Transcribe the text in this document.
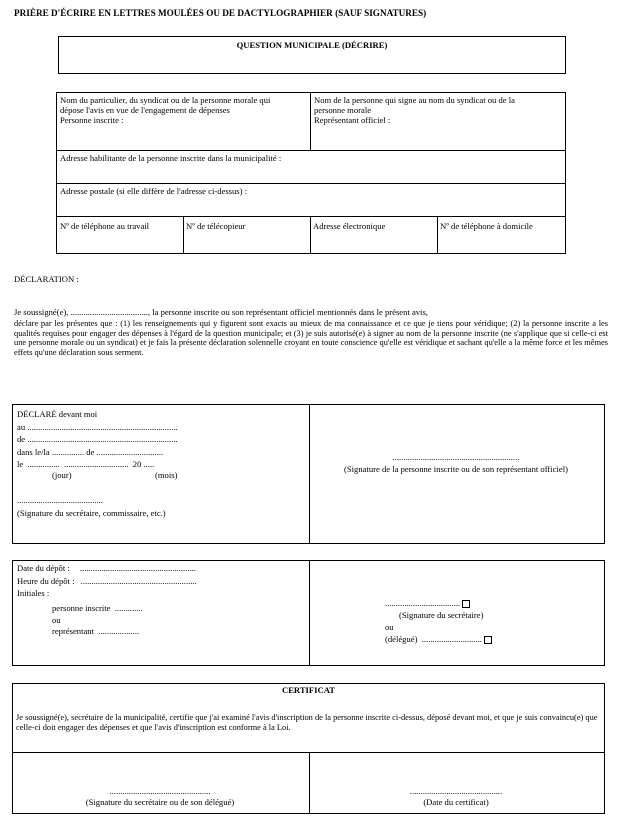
PRIÈRE D'ÉCRIRE EN LETTRES MOULÉES OU DE DACTYLOGRAPHIER (SAUF SIGNATURES)
QUESTION MUNICIPALE (DÉCRIRE)
Nom du particulier, du syndicat ou de la personne morale qui
dépose l'avis en vue de l'engagement de dépenses
Personne inscrite :
Nom de la personne qui signe au nom du syndicat ou de la
personne morale
Représentant officiel :
Adresse habilitante de la personne inscrite dans la municipalité :
Adresse postale (si elle diffère de l'adresse ci-dessus) :
Nº de téléphone au travail	Nº de télécopieur	Adresse électronique	Nº de téléphone à domicile
DÉCLARATION :
Je soussigné(e), ...................................., la personne inscrite ou son représentant officiel mentionnés dans le présent avis,
déclare par les présentes que : (1) les renseignements qui y figurent sont exacts au mieux de ma connaissance et ce que je tiens pour véridique; (2) la personne inscrite a les qualités requises pour engager des dépenses à l'égard de la question municipale; et (3) je suis autorisé(e) à signer au nom de la personne inscrite (ne s'applique que si celle-ci est une personne morale ou un syndicat) et je fais la présente déclaration solennelle croyant en toute conscience qu'elle est véridique et sachant qu'elle a la même force et les mêmes effets qu'une déclaration sous serment.
DÉCLARÉ devant moi
au ......................................................................
de ......................................................................
dans le/la ............... de ...............................
le ............... .............................. 20 .....
(jour)	(mois)
........................................
(Signature du secrétaire, commissaire, etc.)
...........................................................
(Signature de la personne inscrite ou de son représentant officiel)
Date du dépôt : ......................................................
Heure du dépôt : ......................................................
Initiales :
personne inscrite .............
ou
représentant ...................
...................................
(Signature du secrétaire)
ou
(délégué) ............................
CERTIFICAT
Je soussigné(e), secrétaire de la municipalité, certifie que j'ai examiné l'avis d'inscription de la personne inscrite ci-dessus, déposé devant moi, et que je suis convaincu(e) que celle-ci doit engager des dépenses et que l'avis d'inscription est conforme à la Loi.
...............................................
(Signature du secrétaire ou de son délégué)
...........................................
(Date du certificat)
